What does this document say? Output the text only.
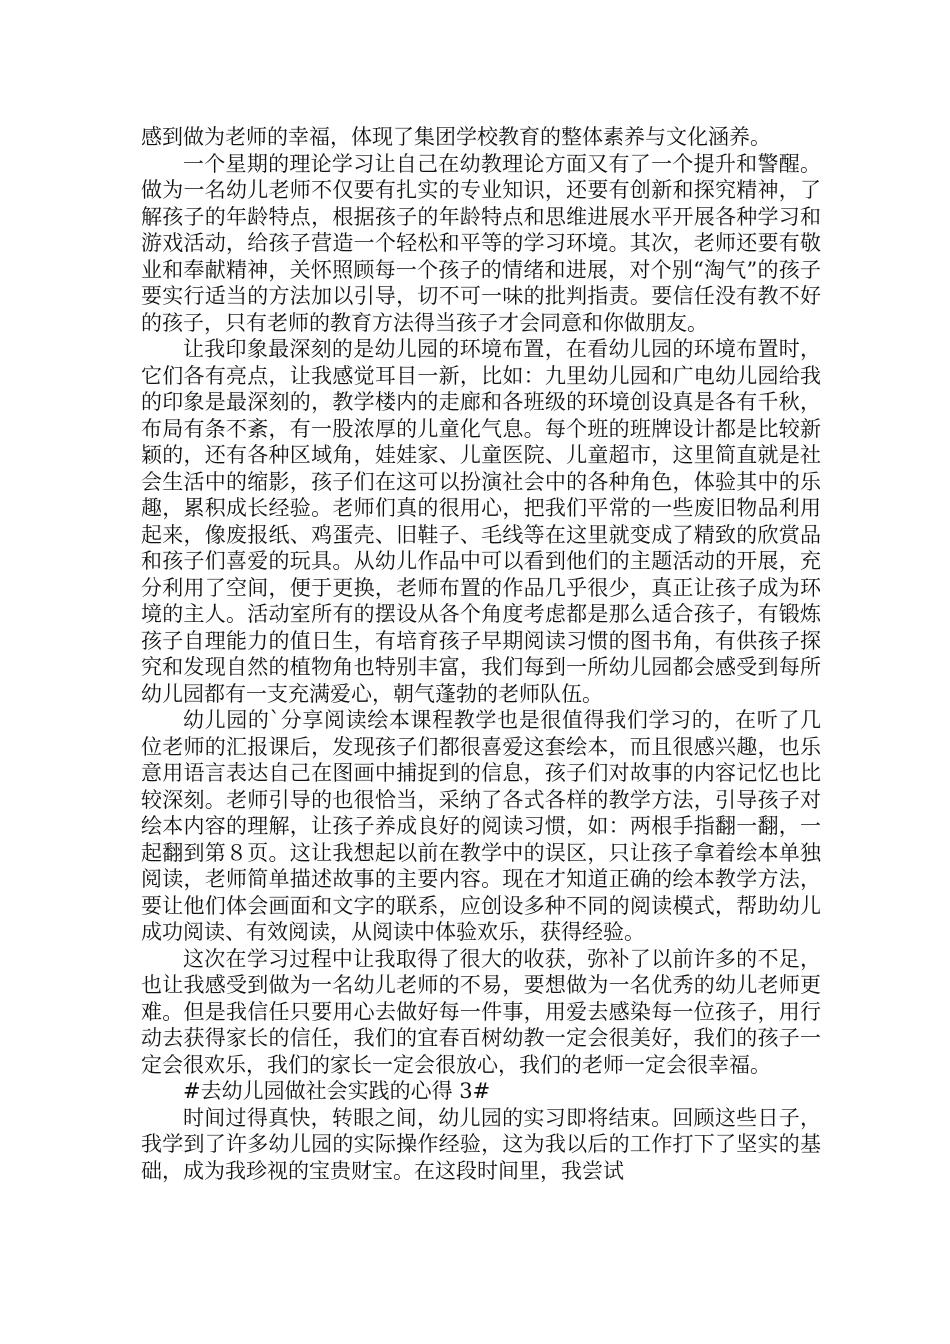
感到做为老师的幸福，体现了集团学校教育的整体素养与文化涵养。

一个星期的理论学习让自己在幼教理论方面又有了一个提升和警醒。做为一名幼儿老师不仅要有扎实的专业知识，还要有创新和探究精神，了解孩子的年龄特点，根据孩子的年龄特点和思维进展水平开展各种学习和游戏活动，给孩子营造一个轻松和平等的学习环境。其次，老师还要有敬业和奉献精神，关怀照顾每一个孩子的情绪和进展，对个别“淘气”的孩子要实行适当的方法加以引导，切不可一味的批判指责。要信任没有教不好的孩子，只有老师的教育方法得当孩子才会同意和你做朋友。

让我印象最深刻的是幼儿园的环境布置，在看幼儿园的环境布置时，它们各有亮点，让我感觉耳目一新，比如：九里幼儿园和广电幼儿园给我的印象是最深刻的，教学楼内的走廊和各班级的环境创设真是各有千秋，布局有条不紊，有一股浓厚的儿童化气息。每个班的班牌设计都是比较新颖的，还有各种区域角，娃娃家、儿童医院、儿童超市，这里简直就是社会生活中的缩影，孩子们在这可以扮演社会中的各种角色，体验其中的乐趣，累积成长经验。老师们真的很用心，把我们平常的一些废旧物品利用起来，像废报纸、鸡蛋壳、旧鞋子、毛线等在这里就变成了精致的欣赏品和孩子们喜爱的玩具。从幼儿作品中可以看到他们的主题活动的开展，充分利用了空间，便于更换，老师布置的作品几乎很少，真正让孩子成为环境的主人。活动室所有的摆设从各个角度考虑都是那么适合孩子，有锻炼孩子自理能力的值日生，有培育孩子早期阅读习惯的图书角，有供孩子探究和发现自然的植物角也特别丰富，我们每到一所幼儿园都会感受到每所幼儿园都有一支充满爱心，朝气蓬勃的老师队伍。

幼儿园的`分享阅读绘本课程教学也是很值得我们学习的，在听了几位老师的汇报课后，发现孩子们都很喜爱这套绘本，而且很感兴趣，也乐意用语言表达自己在图画中捕捉到的信息，孩子们对故事的内容记忆也比较深刻。老师引导的也很恰当，采纳了各式各样的教学方法，引导孩子对绘本内容的理解，让孩子养成良好的阅读习惯，如：两根手指翻一翻，一起翻到第８页。这让我想起以前在教学中的误区，只让孩子拿着绘本单独阅读，老师简单描述故事的主要内容。现在才知道正确的绘本教学方法，要让他们体会画面和文字的联系，应创设多种不同的阅读模式，帮助幼儿成功阅读、有效阅读，从阅读中体验欢乐，获得经验。

这次在学习过程中让我取得了很大的收获，弥补了以前许多的不足，也让我感受到做为一名幼儿老师的不易，要想做为一名优秀的幼儿老师更难。但是我信任只要用心去做好每一件事，用爱去感染每一位孩子，用行动去获得家长的信任，我们的宜春百树幼教一定会很美好，我们的孩子一定会很欢乐，我们的家长一定会很放心，我们的老师一定会很幸福。

#去幼儿园做社会实践的心得 3#

时间过得真快，转眼之间，幼儿园的实习即将结束。回顾这些日子，我学到了许多幼儿园的实际操作经验，这为我以后的工作打下了坚实的基础，成为我珍视的宝贵财宝。在这段时间里，我尝试
